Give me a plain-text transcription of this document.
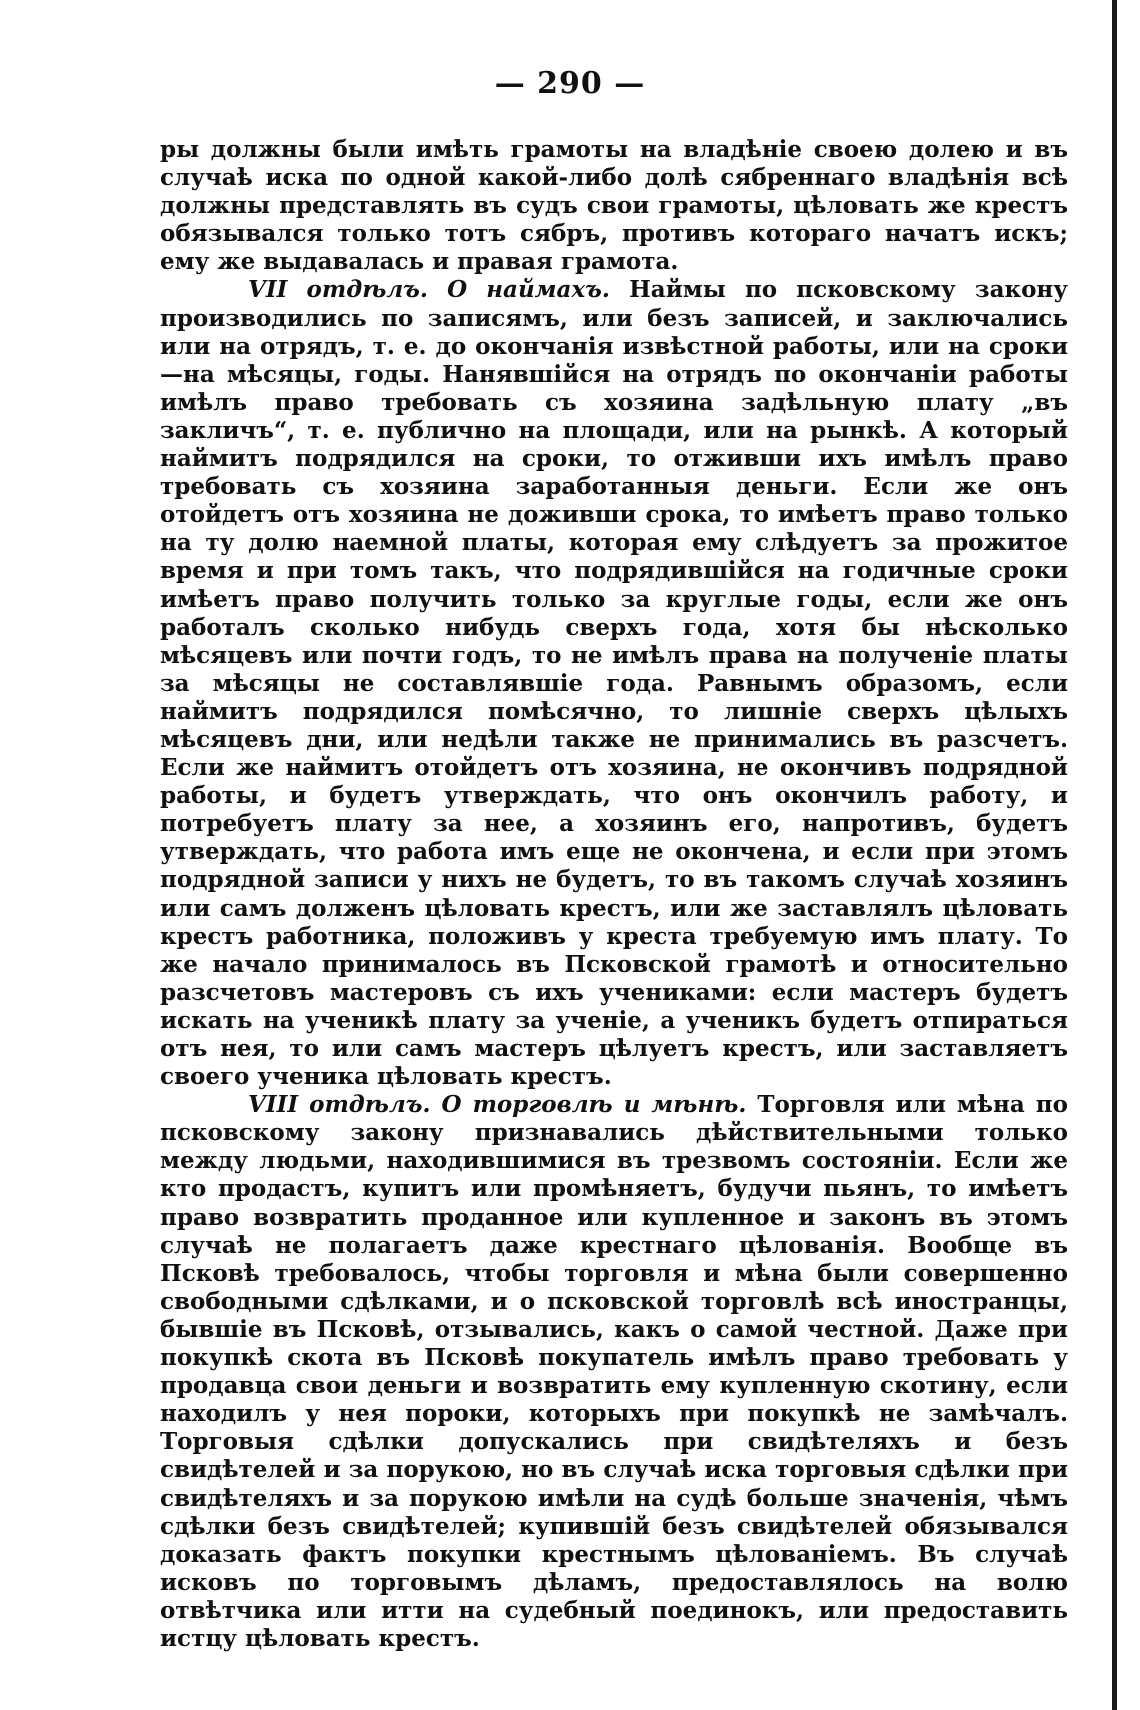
— 290 —

ры должны были имѣть грамоты на владѣніе своею долею и въ случаѣ иска по одной какой-либо долѣ сябреннаго владѣнія всѣ должны представлять въ судъ свои грамоты, цѣловать же крестъ обязывался только тотъ сябръ, противъ котораго начатъ искъ; ему же выдавалась и правая грамота.

VII отдѣлъ. О наймахъ. Наймы по псковскому закону производились по записямъ, или безъ записей, и заключались или на отрядъ, т. е. до окончанія извѣстной работы, или на сроки—на мѣсяцы, годы. Нанявшійся на отрядъ по окончаніи работы имѣлъ право требовать съ хозяина задѣльную плату „въ закличъ“, т. е. публично на площади, или на рынкѣ. А который наймитъ подрядился на сроки, то отживши ихъ имѣлъ право требовать съ хозяина заработанныя деньги. Если же онъ отойдетъ отъ хозяина не доживши срока, то имѣетъ право только на ту долю наемной платы, которая ему слѣдуетъ за прожитое время и при томъ такъ, что подрядившійся на годичные сроки имѣетъ право получить только за круглые годы, если же онъ работалъ сколько нибудь сверхъ года, хотя бы нѣсколько мѣсяцевъ или почти годъ, то не имѣлъ права на полученіе платы за мѣсяцы не составлявшіе года. Равнымъ образомъ, если наймитъ подрядился помѣсячно, то лишніе сверхъ цѣлыхъ мѣсяцевъ дни, или недѣли также не принимались въ разсчетъ. Если же наймитъ отойдетъ отъ хозяина, не окончивъ подрядной работы, и будетъ утверждать, что онъ окончилъ работу, и потребуетъ плату за нее, а хозяинъ его, напротивъ, будетъ утверждать, что работа имъ еще не окончена, и если при этомъ подрядной записи у нихъ не будетъ, то въ такомъ случаѣ хозяинъ или самъ долженъ цѣловать крестъ, или же заставлялъ цѣловать крестъ работника, положивъ у креста требуемую имъ плату. То же начало принималось въ Псковской грамотѣ и относительно разсчетовъ мастеровъ съ ихъ учениками: если мастеръ будетъ искать на ученикѣ плату за ученіе, а ученикъ будетъ отпираться отъ нея, то или самъ мастеръ цѣлуетъ крестъ, или заставляетъ своего ученика цѣловать крестъ.

VIII отдѣлъ. О торговлѣ и мѣнѣ. Торговля или мѣна по псковскому закону признавались дѣйствительными только между людьми, находившимися въ трезвомъ состояніи. Если же кто продастъ, купитъ или промѣняетъ, будучи пьянъ, то имѣетъ право возвратить проданное или купленное и законъ въ этомъ случаѣ не полагаетъ даже крестнаго цѣлованія. Вообще въ Псковѣ требовалось, чтобы торговля и мѣна были совершенно свободными сдѣлками, и о псковской торговлѣ всѣ иностранцы, бывшіе въ Псковѣ, отзывались, какъ о самой честной. Даже при покупкѣ скота въ Псковѣ покупатель имѣлъ право требовать у продавца свои деньги и возвратить ему купленную скотину, если находилъ у нея пороки, которыхъ при покупкѣ не замѣчалъ. Торговыя сдѣлки допускались при свидѣтеляхъ и безъ свидѣтелей и за порукою, но въ случаѣ иска торговыя сдѣлки при свидѣтеляхъ и за порукою имѣли на судѣ больше значенія, чѣмъ сдѣлки безъ свидѣтелей; купившій безъ свидѣтелей обязывался доказать фактъ покупки крестнымъ цѣлованіемъ. Въ случаѣ исковъ по торговымъ дѣламъ, предоставлялось на волю отвѣтчика или итти на судебный поединокъ, или предоставить истцу цѣловать крестъ.
